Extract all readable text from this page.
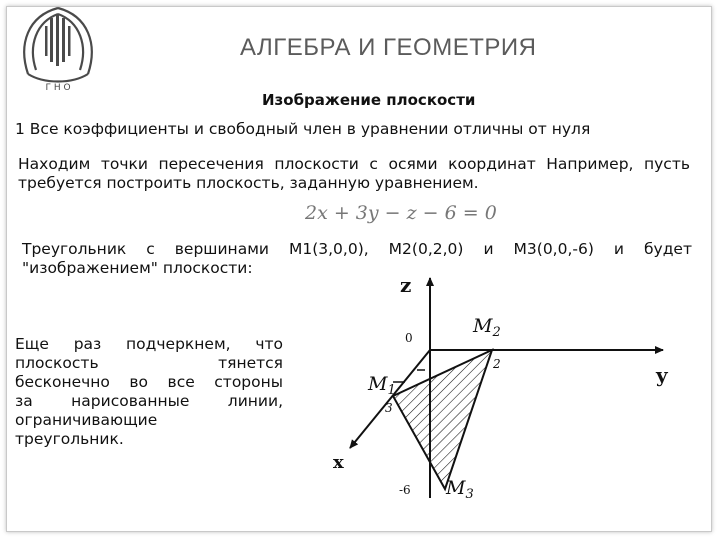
Г Н О
АЛГЕБРА И ГЕОМЕТРИЯ
Изображение плоскости
1 Все коэффициенты и свободный член в уравнении отличны от нуля
Находим точки пересечения плоскости с осями координат Например, пусть требуется построить плоскость, заданную уравнением.
2x + 3y − z − 6 = 0
Треугольник с вершинами М1(3,0,0), М2(0,2,0) и М3(0,0,-6) и будет
"изображением" плоскости:
Еще раз подчеркнем, что
плоскость тянется
бесконечно во все стороны
за нарисованные линии,
ограничивающие
треугольник.
z
y
x
0
2
3
-6
$M_2$
$M_1$
$M_3$
